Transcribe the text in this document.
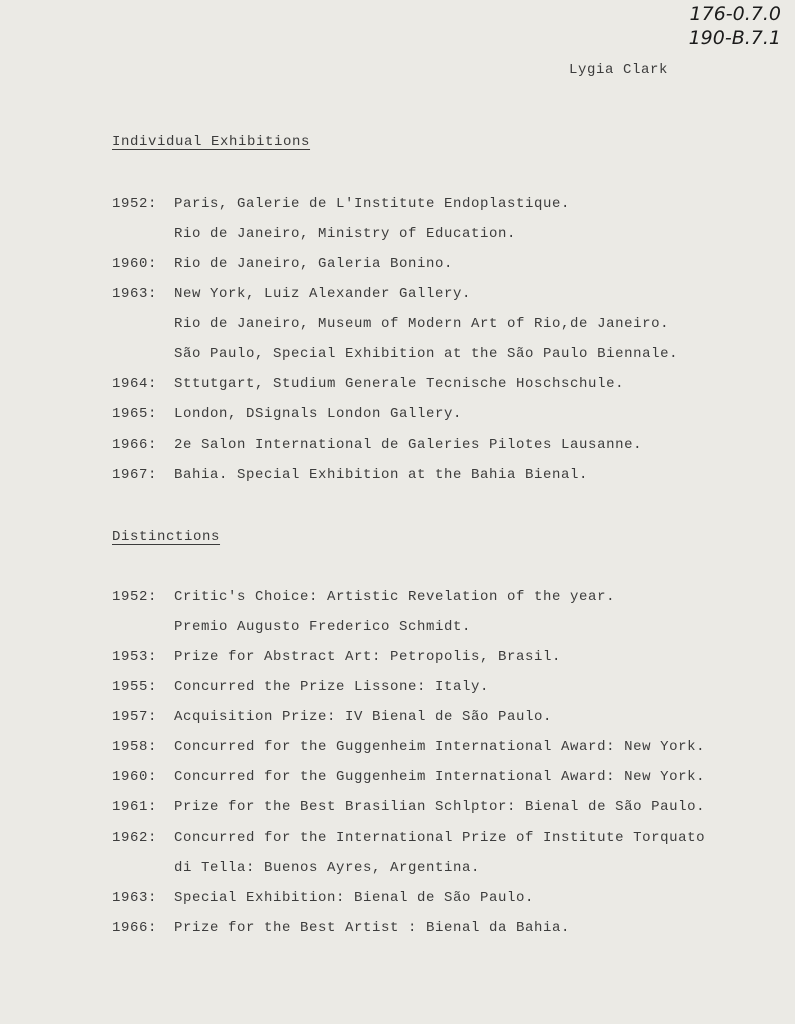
176-0.7.0
190-B.7.1
Lygia Clark
Individual Exhibitions
1952: Paris, Galerie de L'Institute Endoplastique.
Rio de Janeiro, Ministry of Education.
1960: Rio de Janeiro, Galeria Bonino.
1963: New York, Luiz Alexander Gallery.
Rio de Janeiro, Museum of Modern Art of Rio,de Janeiro.
São Paulo, Special Exhibition at the São Paulo Biennale.
1964: Sttutgart, Studium Generale Tecnische Hoschschule.
1965: London, DSignals London Gallery.
1966: 2e Salon International de Galeries Pilotes Lausanne.
1967: Bahia. Special Exhibition at the Bahia Bienal.
Distinctions
1952: Critic's Choice: Artistic Revelation of the year.
Premio Augusto Frederico Schmidt.
1953: Prize for Abstract Art: Petropolis, Brasil.
1955: Concurred the Prize Lissone: Italy.
1957: Acquisition Prize: IV Bienal de São Paulo.
1958: Concurred for the Guggenheim International Award: New York.
1960: Concurred for the Guggenheim International Award: New York.
1961: Prize for the Best Brasilian Schlptor: Bienal de São Paulo.
1962: Concurred for the International Prize of Institute Torquato
di Tella: Buenos Ayres, Argentina.
1963: Special Exhibition: Bienal de São Paulo.
1966: Prize for the Best Artist : Bienal da Bahia.
